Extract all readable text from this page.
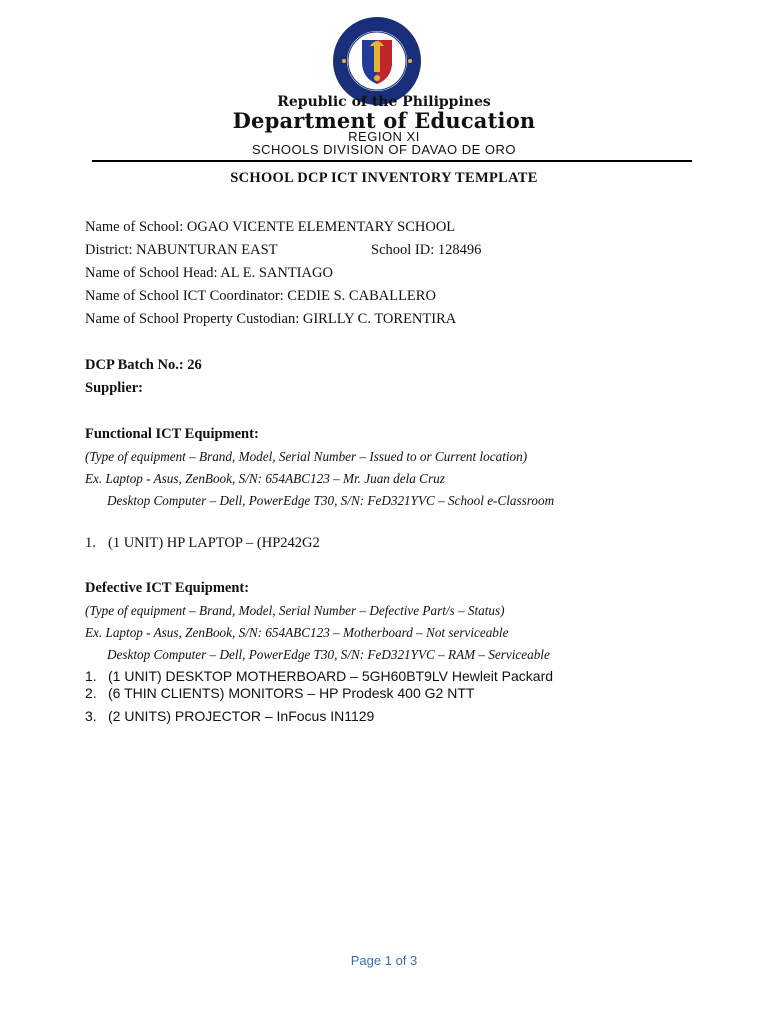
Republic of the Philippines
Department of Education
REGION XI
SCHOOLS DIVISION OF DAVAO DE ORO
SCHOOL DCP ICT INVENTORY TEMPLATE
Name of School: OGAO VICENTE ELEMENTARY SCHOOL
District: NABUNTURAN EAST	School ID: 128496
Name of School Head: AL E. SANTIAGO
Name of School ICT Coordinator: CEDIE S. CABALLERO
Name of School Property Custodian: GIRLLY C. TORENTIRA
DCP Batch No.: 26
Supplier:
Functional ICT Equipment:
(Type of equipment – Brand, Model, Serial Number – Issued to or Current location)
Ex. Laptop - Asus, ZenBook, S/N: 654ABC123 – Mr. Juan dela Cruz
Desktop Computer – Dell, PowerEdge T30, S/N: FeD321YVC – School e-Classroom
1. (1 UNIT) HP LAPTOP – (HP242G2
Defective ICT Equipment:
(Type of equipment – Brand, Model, Serial Number – Defective Part/s – Status)
Ex. Laptop - Asus, ZenBook, S/N: 654ABC123 – Motherboard – Not serviceable
Desktop Computer – Dell, PowerEdge T30, S/N: FeD321YVC – RAM – Serviceable
1. (1 UNIT) DESKTOP MOTHERBOARD – 5GH60BT9LV Hewleit Packard
2. (6 THIN CLIENTS) MONITORS – HP Prodesk 400 G2 NTT
3. (2 UNITS) PROJECTOR – InFocus IN1129
Page 1 of 3
